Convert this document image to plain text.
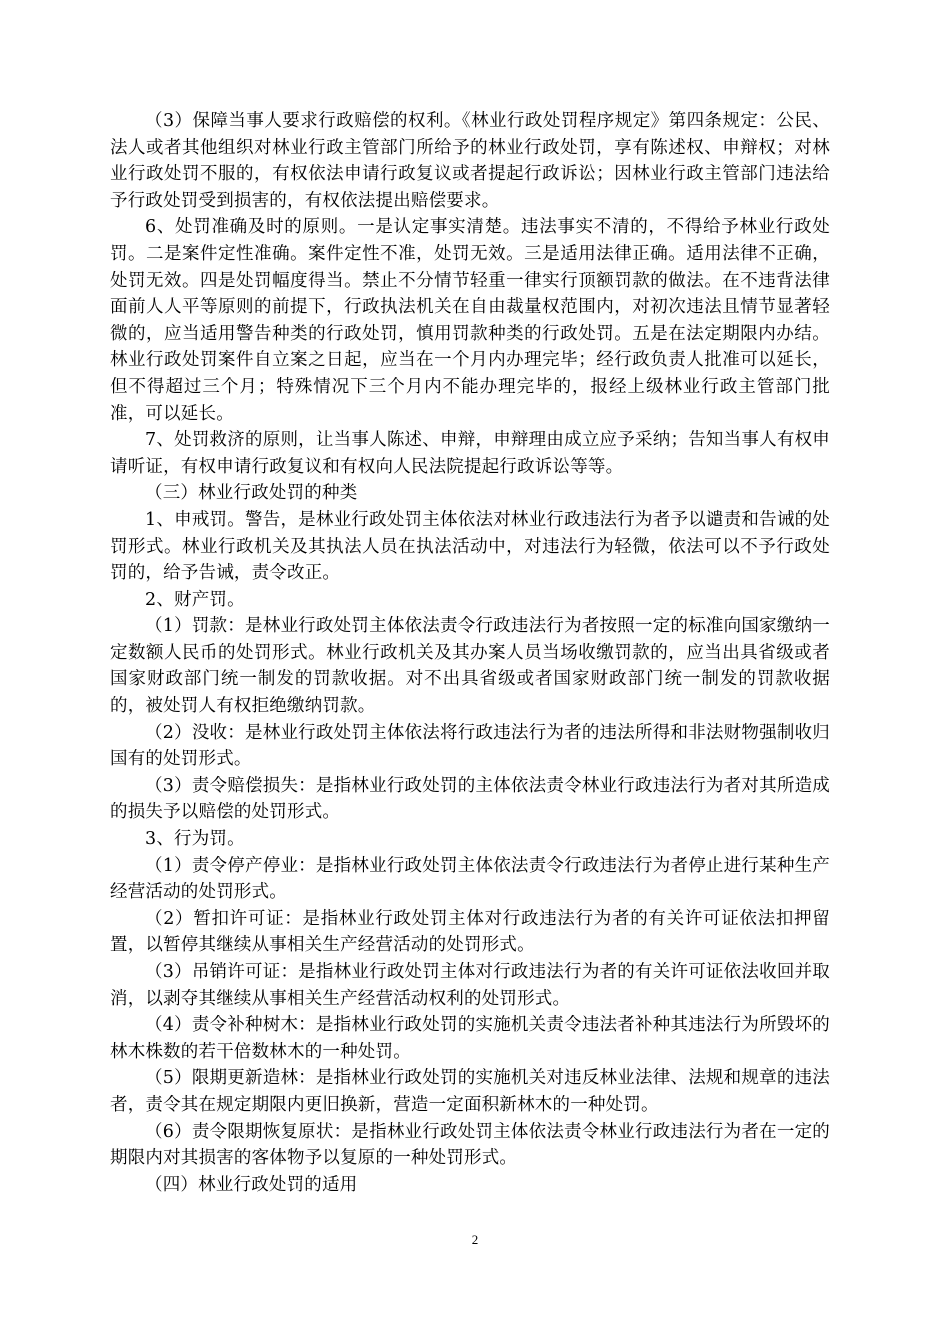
（3）保障当事人要求行政赔偿的权利。《林业行政处罚程序规定》第四条规定：公民、法人或者其他组织对林业行政主管部门所给予的林业行政处罚，享有陈述权、申辩权；对林业行政处罚不服的，有权依法申请行政复议或者提起行政诉讼；因林业行政主管部门违法给予行政处罚受到损害的，有权依法提出赔偿要求。

6、处罚准确及时的原则。一是认定事实清楚。违法事实不清的，不得给予林业行政处罚。二是案件定性准确。案件定性不准，处罚无效。三是适用法律正确。适用法律不正确，处罚无效。四是处罚幅度得当。禁止不分情节轻重一律实行顶额罚款的做法。在不违背法律面前人人平等原则的前提下，行政执法机关在自由裁量权范围内，对初次违法且情节显著轻微的，应当适用警告种类的行政处罚，慎用罚款种类的行政处罚。五是在法定期限内办结。林业行政处罚案件自立案之日起，应当在一个月内办理完毕；经行政负责人批准可以延长，但不得超过三个月；特殊情况下三个月内不能办理完毕的，报经上级林业行政主管部门批准，可以延长。

7、处罚救济的原则，让当事人陈述、申辩，申辩理由成立应予采纳；告知当事人有权申请听证，有权申请行政复议和有权向人民法院提起行政诉讼等等。

（三）林业行政处罚的种类

1、申戒罚。警告，是林业行政处罚主体依法对林业行政违法行为者予以谴责和告诫的处罚形式。林业行政机关及其执法人员在执法活动中，对违法行为轻微，依法可以不予行政处罚的，给予告诫，责令改正。

2、财产罚。

（1）罚款：是林业行政处罚主体依法责令行政违法行为者按照一定的标准向国家缴纳一定数额人民币的处罚形式。林业行政机关及其办案人员当场收缴罚款的，应当出具省级或者国家财政部门统一制发的罚款收据。对不出具省级或者国家财政部门统一制发的罚款收据的，被处罚人有权拒绝缴纳罚款。

（2）没收：是林业行政处罚主体依法将行政违法行为者的违法所得和非法财物强制收归国有的处罚形式。

（3）责令赔偿损失：是指林业行政处罚的主体依法责令林业行政违法行为者对其所造成的损失予以赔偿的处罚形式。

3、行为罚。

（1）责令停产停业：是指林业行政处罚主体依法责令行政违法行为者停止进行某种生产经营活动的处罚形式。

（2）暂扣许可证：是指林业行政处罚主体对行政违法行为者的有关许可证依法扣押留置，以暂停其继续从事相关生产经营活动的处罚形式。

（3）吊销许可证：是指林业行政处罚主体对行政违法行为者的有关许可证依法收回并取消，以剥夺其继续从事相关生产经营活动权利的处罚形式。

（4）责令补种树木：是指林业行政处罚的实施机关责令违法者补种其违法行为所毁坏的林木株数的若干倍数林木的一种处罚。

（5）限期更新造林：是指林业行政处罚的实施机关对违反林业法律、法规和规章的违法者，责令其在规定期限内更旧换新，营造一定面积新林木的一种处罚。

（6）责令限期恢复原状：是指林业行政处罚主体依法责令林业行政违法行为者在一定的期限内对其损害的客体物予以复原的一种处罚形式。

（四）林业行政处罚的适用

2
